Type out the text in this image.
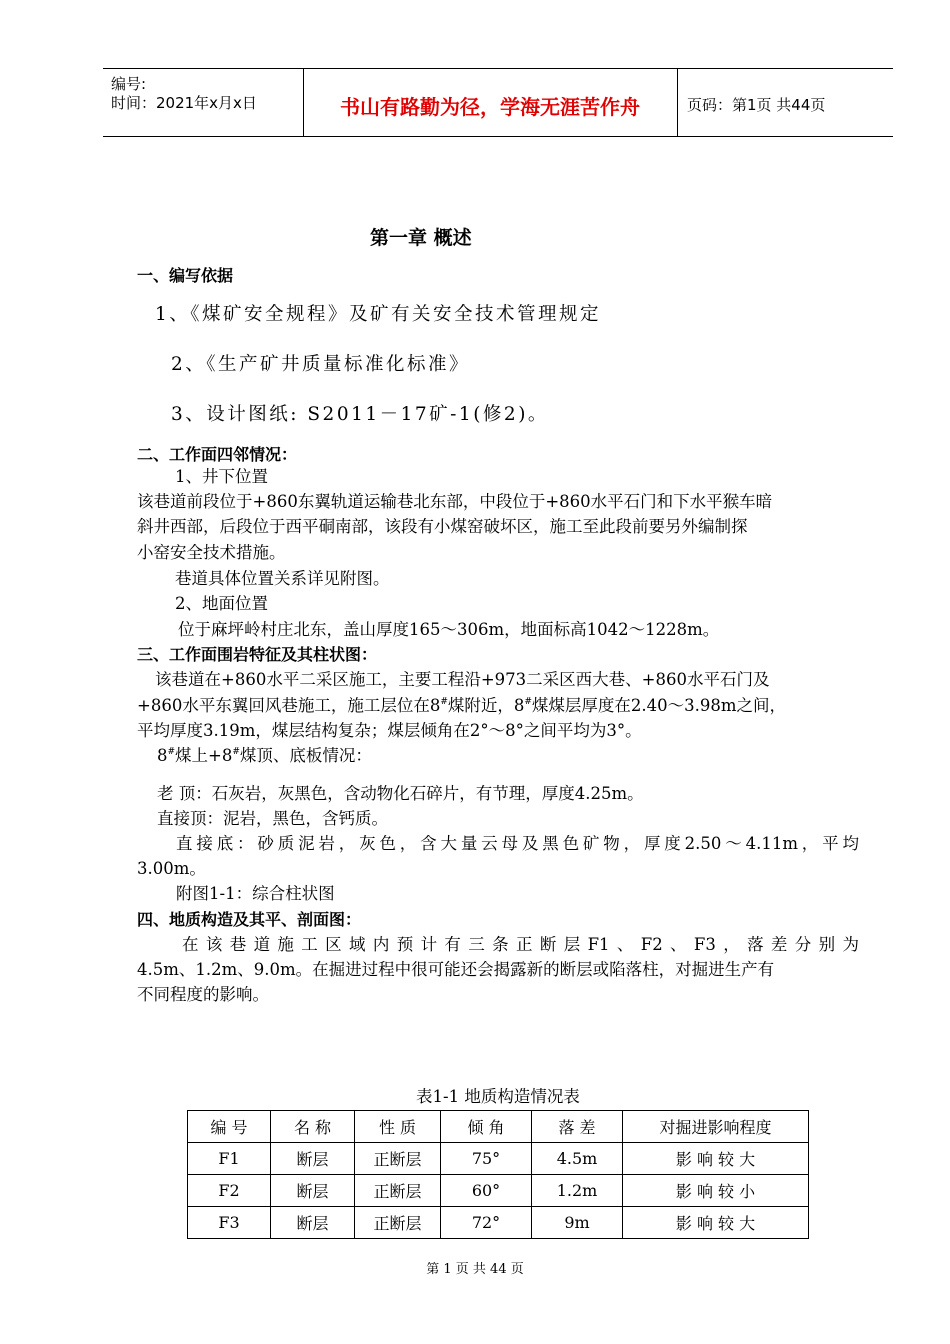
编号:
时间：2021年x月x日	书山有路勤为径，学海无涯苦作舟	页码：第1页 共44页
第一章 概述
一、编写依据
1、《煤矿安全规程》及矿有关安全技术管理规定
2、《生产矿井质量标准化标准》
3、设计图纸: S2011－17矿-1(修2)。
二、工作面四邻情况：
1、井下位置
该巷道前段位于+860东翼轨道运输巷北东部，中段位于+860水平石门和下水平猴车暗
斜井西部，后段位于西平硐南部，该段有小煤窑破坏区，施工至此段前要另外编制探
小窑安全技术措施。
巷道具体位置关系详见附图。
2、地面位置
位于麻坪岭村庄北东，盖山厚度165～306m，地面标高1042～1228m。
三、工作面围岩特征及其柱状图：
该巷道在+860水平二采区施工，主要工程沿+973二采区西大巷、+860水平石门及
+860水平东翼回风巷施工，施工层位在8#煤附近，8#煤煤层厚度在2.40～3.98m之间，
平均厚度3.19m，煤层结构复杂；煤层倾角在2°～8°之间平均为3°。
8#煤上+8#煤顶、底板情况：
老 顶：石灰岩，灰黑色，含动物化石碎片，有节理，厚度4.25m。
直接顶：泥岩，黑色，含钙质。
直接底：砂质泥岩，灰色，含大量云母及黑色矿物，厚度2.50～4.11m，平均
3.00m。
附图1-1：综合柱状图
四、地质构造及其平、剖面图：
在该巷道施工区域内预计有三条正断层F1、F2、F3，落差分别为
4.5m、1.2m、9.0m。在掘进过程中很可能还会揭露新的断层或陷落柱，对掘进生产有
不同程度的影响。
表1-1 地质构造情况表
编 号	名 称	性 质	倾 角	落 差	对掘进影响程度
F1	断层	正断层	75°	4.5m	影 响 较 大
F2	断层	正断层	60°	1.2m	影 响 较 小
F3	断层	正断层	72°	9m	影 响 较 大
第 1 页 共 44 页
